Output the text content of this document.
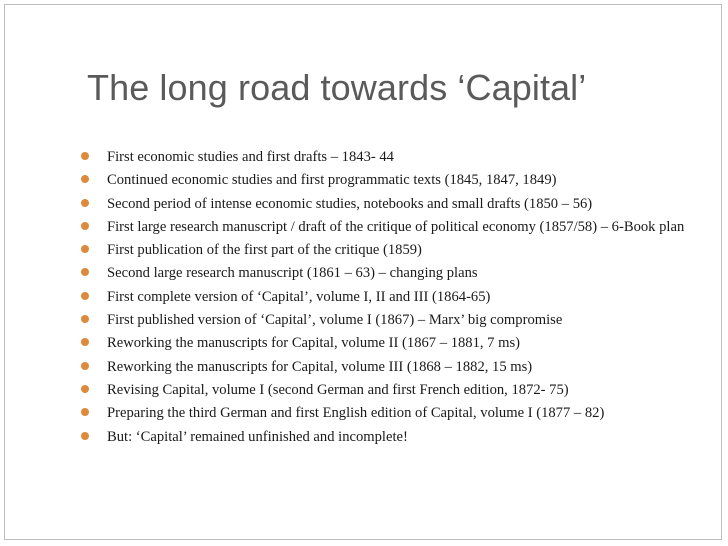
The long road towards ‘Capital’
First economic studies and first drafts – 1843- 44
Continued economic studies and first programmatic texts (1845, 1847, 1849)
Second period of intense economic studies, notebooks and small drafts (1850 – 56)
First large research manuscript / draft of the critique of political economy (1857/58) – 6-Book plan
First publication of the first part of the critique (1859)
Second large research manuscript (1861 – 63) – changing plans
First complete version of ‘Capital’, volume I, II and III (1864-65)
First published version of ‘Capital’, volume I (1867) – Marx’ big compromise
Reworking the manuscripts for Capital, volume II (1867 – 1881, 7 ms)
Reworking the manuscripts for Capital, volume III (1868 – 1882, 15 ms)
Revising Capital, volume I (second German and first French edition, 1872- 75)
Preparing the third German and first English edition of Capital, volume I (1877 – 82)
But: ‘Capital’ remained unfinished and incomplete!
